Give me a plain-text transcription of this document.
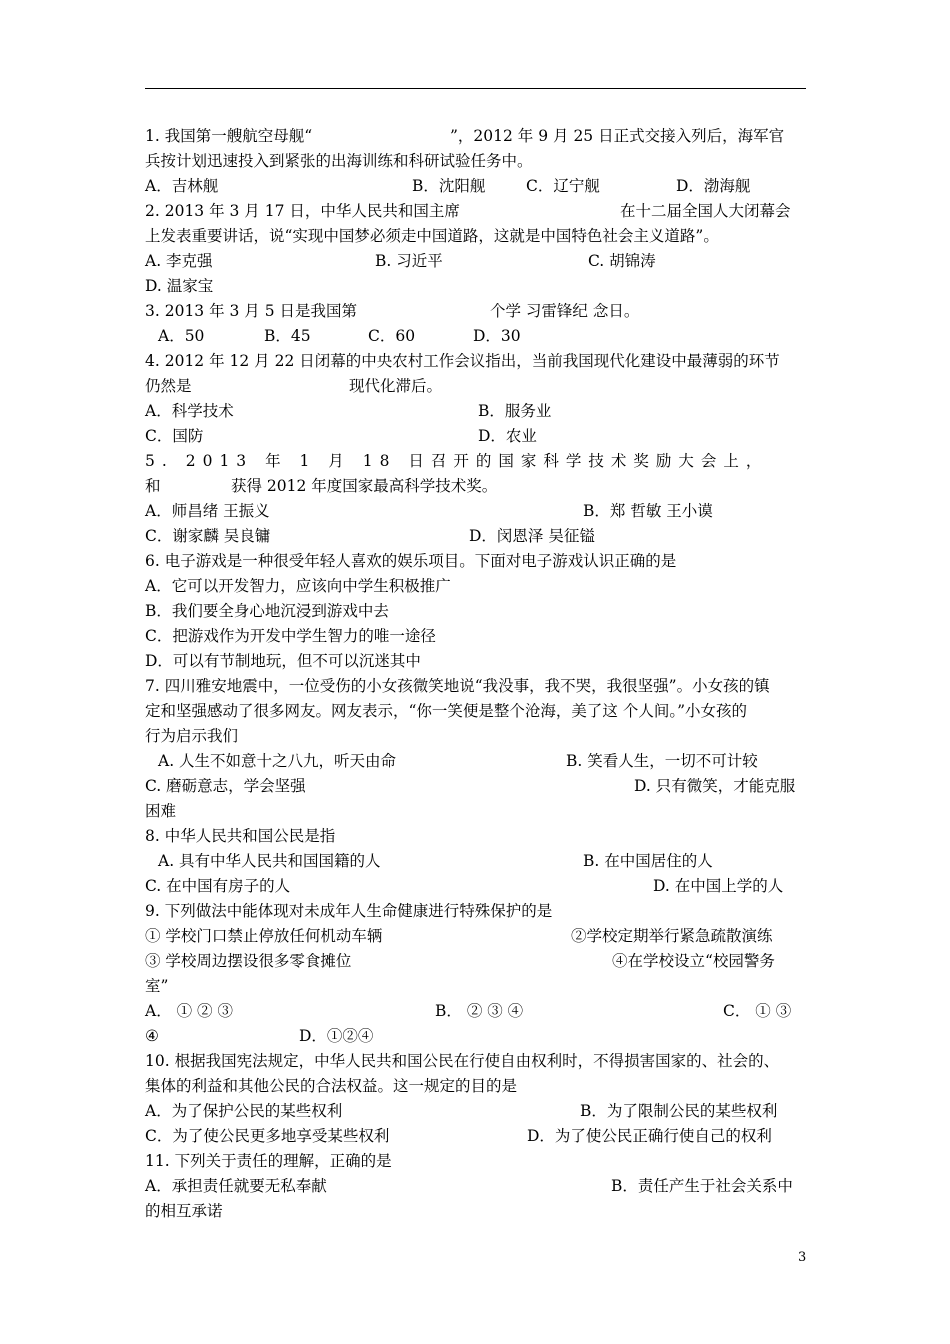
1. 我国第一艘航空母舰“	”，2012 年 9 月 25 日正式交接入列后，海军官
兵按计划迅速投入到紧张的出海训练和科研试验任务中。
A．吉林舰	B．沈阳舰	C．辽宁舰	D．渤海舰
2. 2013 年 3 月 17 日，中华人民共和国主席	在十二届全国人大闭幕会
上发表重要讲话，说“实现中国梦必须走中国道路，这就是中国特色社会主义道路”。
A. 李克强	B. 习近平	C. 胡锦涛
D. 温家宝
3. 2013 年 3 月 5 日是我国第	个学 习雷锋纪 念日。
A．50	B．45	C．60	D．30
4. 2012 年 12 月 22 日闭幕的中央农村工作会议指出，当前我国现代化建设中最薄弱的环节
仍然是	现代化滞后。
A．科学技术	B．服务业
C．国防	D．农业
5. 2013 年 1 月 18 日召开的国家科学技术奖励大会上，
和	获得 2012 年度国家最高科学技术奖。
A．师昌绪 王振义	B．郑 哲敏 王小谟
C．谢家麟 吴良镛	D．闵恩泽 吴征镒
6. 电子游戏是一种很受年轻人喜欢的娱乐项目。下面对电子游戏认识正确的是
A．它可以开发智力，应该向中学生积极推广
B．我们要全身心地沉浸到游戏中去
C．把游戏作为开发中学生智力的唯一途径
D．可以有节制地玩，但不可以沉迷其中
7. 四川雅安地震中，一位受伤的小女孩微笑地说“我没事，我不哭，我很坚强”。小女孩的镇
定和坚强感动了很多网友。网友表示，“你一笑便是整个沧海，美了这 个人间。”小女孩的
行为启示我们
A. 人生不如意十之八九，听天由命	B. 笑看人生，一切不可计较
C. 磨砺意志，学会坚强	D. 只有微笑，才能克服
困难
8. 中华人民共和国公民是指
A. 具有中华人民共和国国籍的人	B. 在中国居住的人
C. 在中国有房子的人	D. 在中国上学的人
9. 下列做法中能体现对未成年人生命健康进行特殊保护的是
① 学校门口禁止停放任何机动车辆	②学校定期举行紧急疏散演练
③ 学校周边摆设很多零食摊位	④在学校设立“校园警务
室”
A． ① ② ③	B． ② ③ ④	C． ① ③
④	D．①②④
10. 根据我国宪法规定，中华人民共和国公民在行使自由权利时，不得损害国家的、社会的、
集体的利益和其他公民的合法权益。这一规定的目的是
A．为了保护公民的某些权利	B．为了限制公民的某些权利
C．为了使公民更多地享受某些权利	D．为了使公民正确行使自己的权利
11. 下列关于责任的理解，正确的是
A．承担责任就要无私奉献	B．责任产生于社会关系中
的相互承诺
3
